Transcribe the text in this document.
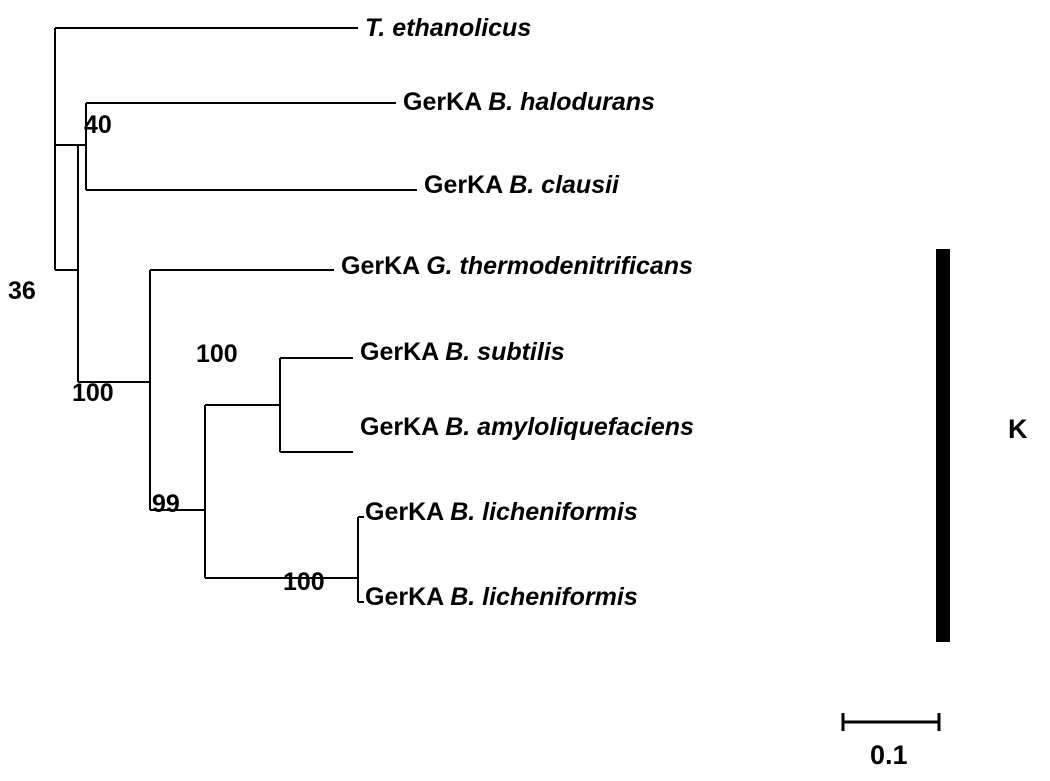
T. ethanolicus
GerKA B. halodurans
GerKA B. clausii
GerKA G. thermodenitrificans
GerKA B. subtilis
GerKA B. amyloliquefaciens
GerKA B. licheniformis
GerKA B. licheniformis
40
36
100
100
99
100
K
0.1
